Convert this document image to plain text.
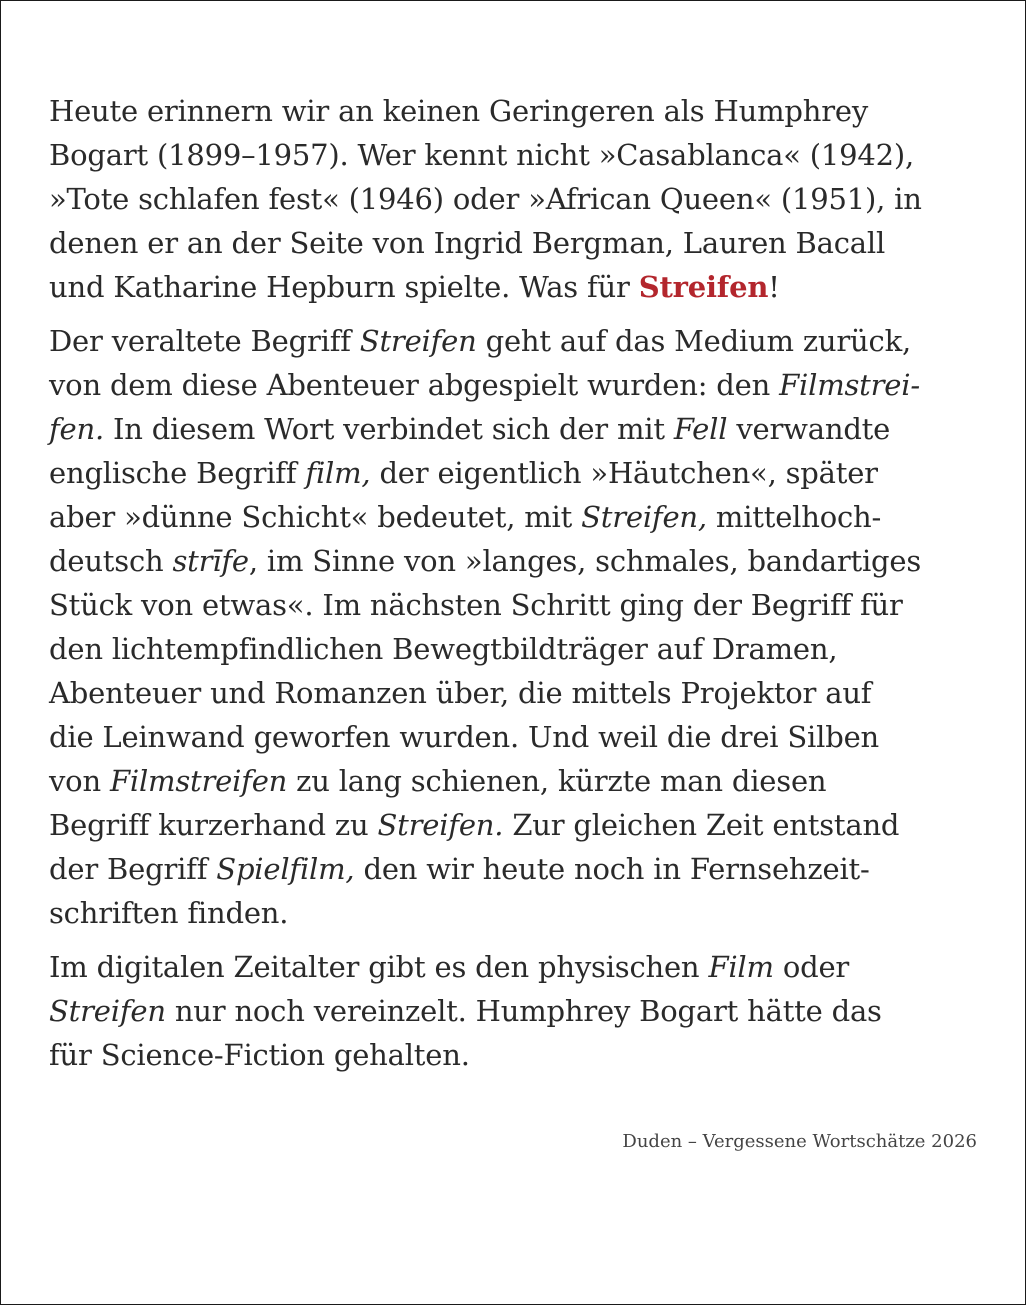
Heute erinnern wir an keinen Geringeren als Humphrey
Bogart (1899–1957). Wer kennt nicht »Casablanca« (1942),
»Tote schlafen fest« (1946) oder »African Queen« (1951), in
denen er an der Seite von Ingrid Bergman, Lauren Bacall
und Katharine Hepburn spielte. Was für Streifen!

Der veraltete Begriff Streifen geht auf das Medium zurück,
von dem diese Abenteuer abgespielt wurden: den Filmstrei-
fen. In diesem Wort verbindet sich der mit Fell verwandte
englische Begriff film, der eigentlich »Häutchen«, später
aber »dünne Schicht« bedeutet, mit Streifen, mittelhoch-
deutsch strīfe, im Sinne von »langes, schmales, bandartiges
Stück von etwas«. Im nächsten Schritt ging der Begriff für
den lichtempfindlichen Bewegtbildträger auf Dramen,
Abenteuer und Romanzen über, die mittels Projektor auf
die Leinwand geworfen wurden. Und weil die drei Silben
von Filmstreifen zu lang schienen, kürzte man diesen
Begriff kurzerhand zu Streifen. Zur gleichen Zeit entstand
der Begriff Spielfilm, den wir heute noch in Fernsehzeit-
schriften finden.

Im digitalen Zeitalter gibt es den physischen Film oder
Streifen nur noch vereinzelt. Humphrey Bogart hätte das
für Science-Fiction gehalten.

Duden – Vergessene Wortschätze 2026
